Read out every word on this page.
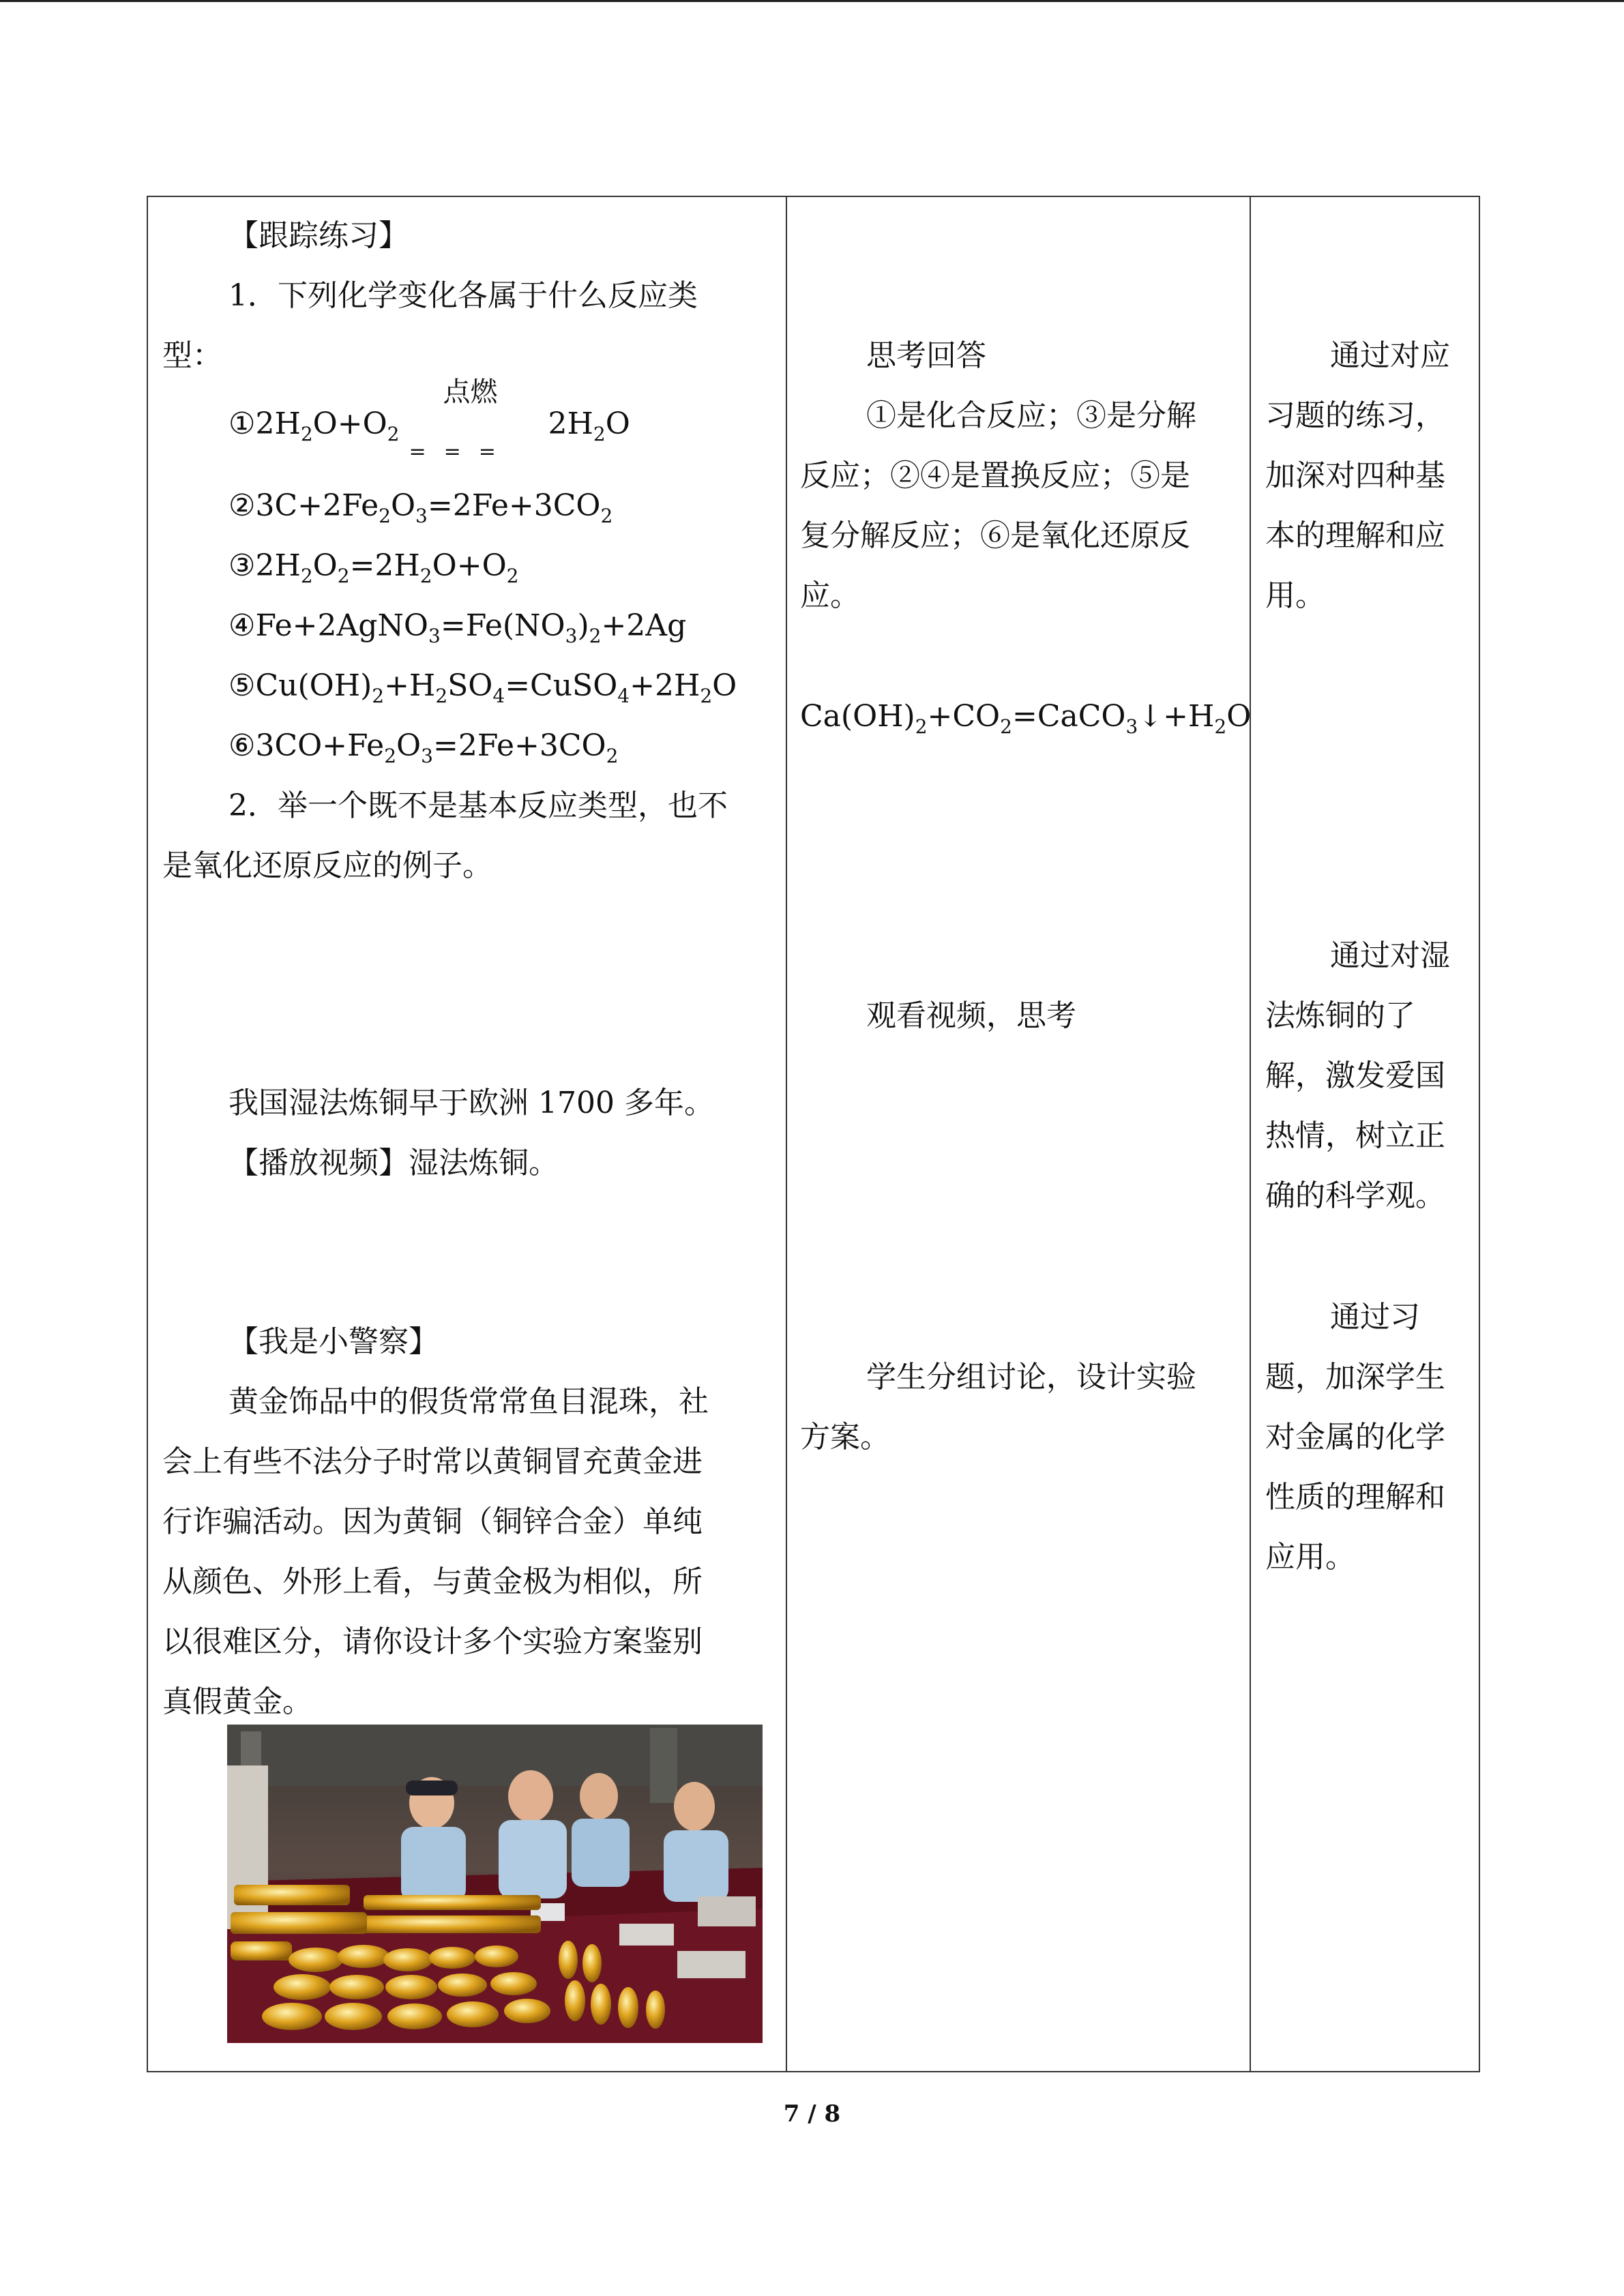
【跟踪练习】
1．下列化学变化各属于什么反应类
型：
$①2H_2O+O_2$
点燃
===
$2H_2O$
$②3C+2Fe_2O_3=2Fe+3CO_2$
$③2H_2O_2=2H_2O+O_2$
$④Fe+2AgNO_3=Fe(NO_3)_2+2Ag$
$⑤Cu(OH)_2+H_2SO_4=CuSO_4+2H_2O$
$⑥3CO+Fe_2O_3=2Fe+3CO_2$
2．举一个既不是基本反应类型，也不
是氧化还原反应的例子。
我国湿法炼铜早于欧洲 1700 多年。
【播放视频】湿法炼铜。
【我是小警察】
黄金饰品中的假货常常鱼目混珠，社
会上有些不法分子时常以黄铜冒充黄金进
行诈骗活动。因为黄铜（铜锌合金）单纯
从颜色、外形上看，与黄金极为相似，所
以很难区分，请你设计多个实验方案鉴别
真假黄金。
思考回答
①是化合反应；③是分解
反应；②④是置换反应；⑤是
复分解反应；⑥是氧化还原反
应。
$Ca(OH)_2+CO_2=CaCO_3↓+H_2O$
观看视频，思考
学生分组讨论，设计实验
方案。
通过对应
习题的练习，
加深对四种基
本的理解和应
用。
通过对湿
法炼铜的了
解，激发爱国
热情，树立正
确的科学观。
通过习
题，加深学生
对金属的化学
性质的理解和
应用。
7 / 8
